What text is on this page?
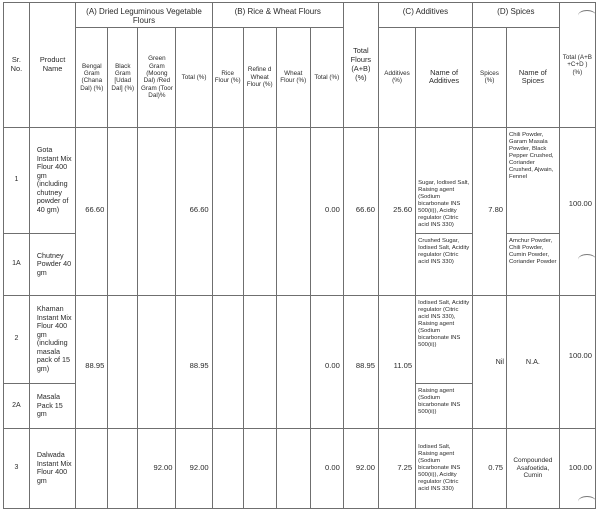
Sr. No.	Product Name	(A) Dried Leguminous Vegetable Flours				(B) Rice & Wheat Flours				Total Flours (A+B) (%)	(C) Additives		(D) Spices		Total (A+B +C+D ) (%)
		Bengal Gram (Chana Dal) (%)	Black Gram [Udad Dal] (%)	Green Gram (Moong Dal) /Red Gram (Toor Dal)%	Total (%)	Rice Flour (%)	Refine d Wheat Flour (%)	Wheat Flour (%)	Total (%)		Additives (%)	Name of Additives	Spices (%)	Name of Spices	
1	Gota Instant Mix Flour 400 gm (including chutney powder of 40 gm)	66.60			66.60				0.00	66.60	25.60	Sugar, Iodised Salt, Raising agent (Sodium bicarbonate INS 500(ii)), Acidity regulator (Citric acid INS 330)	7.80	Chili Powder, Garam Masala Powder, Black Pepper Crushed, Coriander Crushed, Ajwain, Fennel	100.00
1A	Chutney Powder 40 gm											Crushed Sugar, Iodised Salt, Acidity regulator (Citric acid INS 330)		Amchur Powder, Chili Powder, Cumin Powder, Coriander Powder	
2	Khaman Instant Mix Flour 400 gm (including masala pack of 15 gm)	88.95			88.95				0.00	88.95	11.05	Iodised Salt, Acidity regulator (Citric acid INS 330), Raising agent (Sodium bicarbonate INS 500(ii))	Nil	N.A.	100.00
2A	Masala Pack 15 gm											Raising agent (Sodium bicarbonate INS 500(ii))			
3	Dalwada Instant Mix Flour 400 gm			92.00	92.00				0.00	92.00	7.25	Iodised Salt, Raising agent (Sodium bicarbonate INS 500(ii)), Acidity regulator (Citric acid INS 330)	0.75	Compounded Asafoetida, Cumin	100.00
